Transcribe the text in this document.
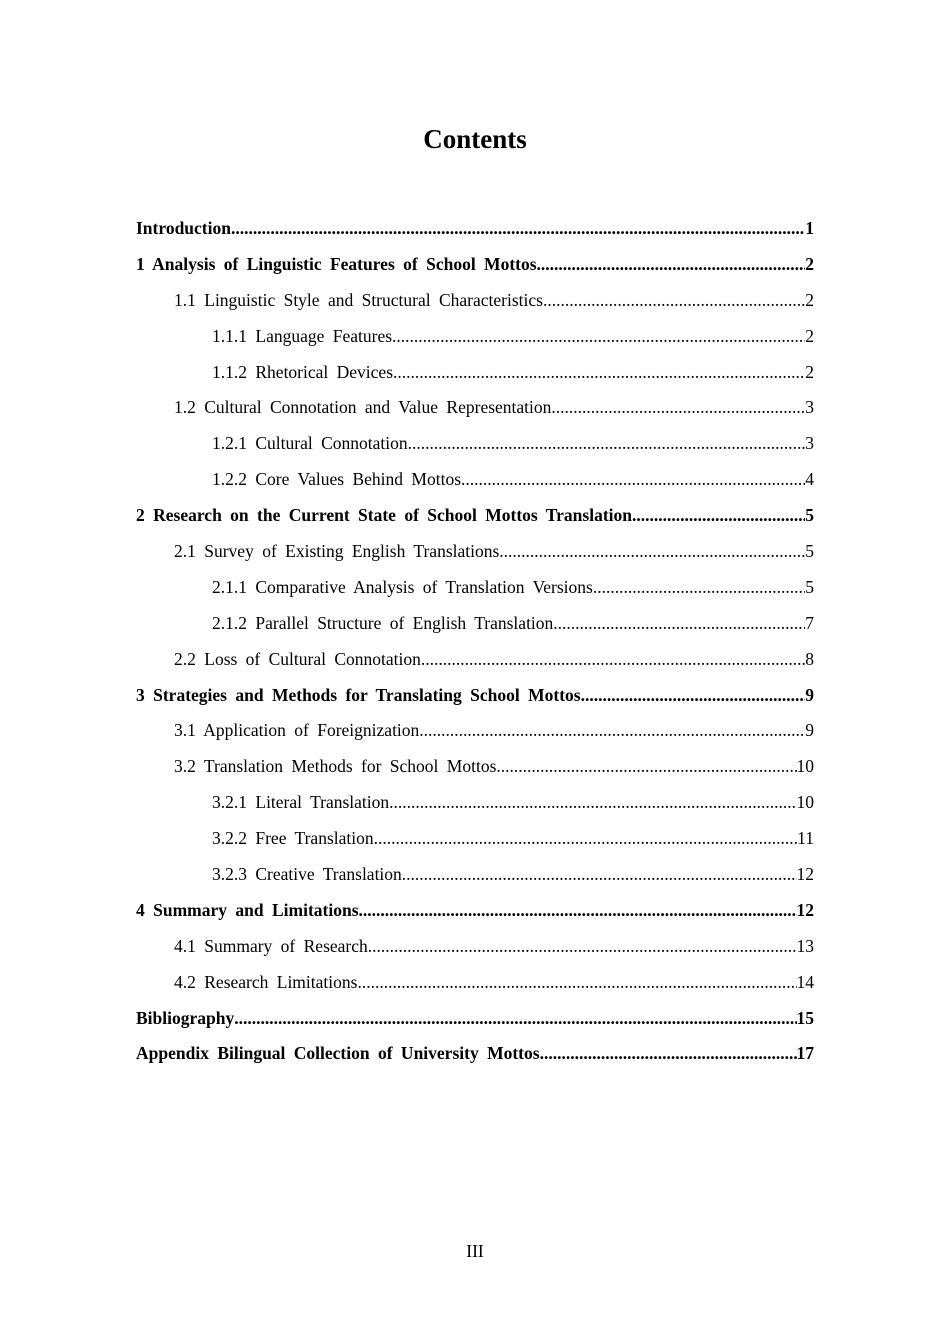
Contents
Introduction .....	1
1 Analysis of Linguistic Features of School Mottos .....	2
1.1 Linguistic Style and Structural Characteristics .....	2
1.1.1 Language Features .....	2
1.1.2 Rhetorical Devices .....	2
1.2 Cultural Connotation and Value Representation .....	3
1.2.1 Cultural Connotation .....	3
1.2.2 Core Values Behind Mottos .....	4
2 Research on the Current State of School Mottos Translation .....	5
2.1 Survey of Existing English Translations .....	5
2.1.1 Comparative Analysis of Translation Versions .....	5
2.1.2 Parallel Structure of English Translation .....	7
2.2 Loss of Cultural Connotation .....	8
3 Strategies and Methods for Translating School Mottos .....	9
3.1 Application of Foreignization .....	9
3.2 Translation Methods for School Mottos .....	10
3.2.1 Literal Translation .....	10
3.2.2 Free Translation .....	11
3.2.3 Creative Translation .....	12
4 Summary and Limitations .....	12
4.1 Summary of Research .....	13
4.2 Research Limitations .....	14
Bibliography .....	15
Appendix Bilingual Collection of University Mottos .....	17
III
